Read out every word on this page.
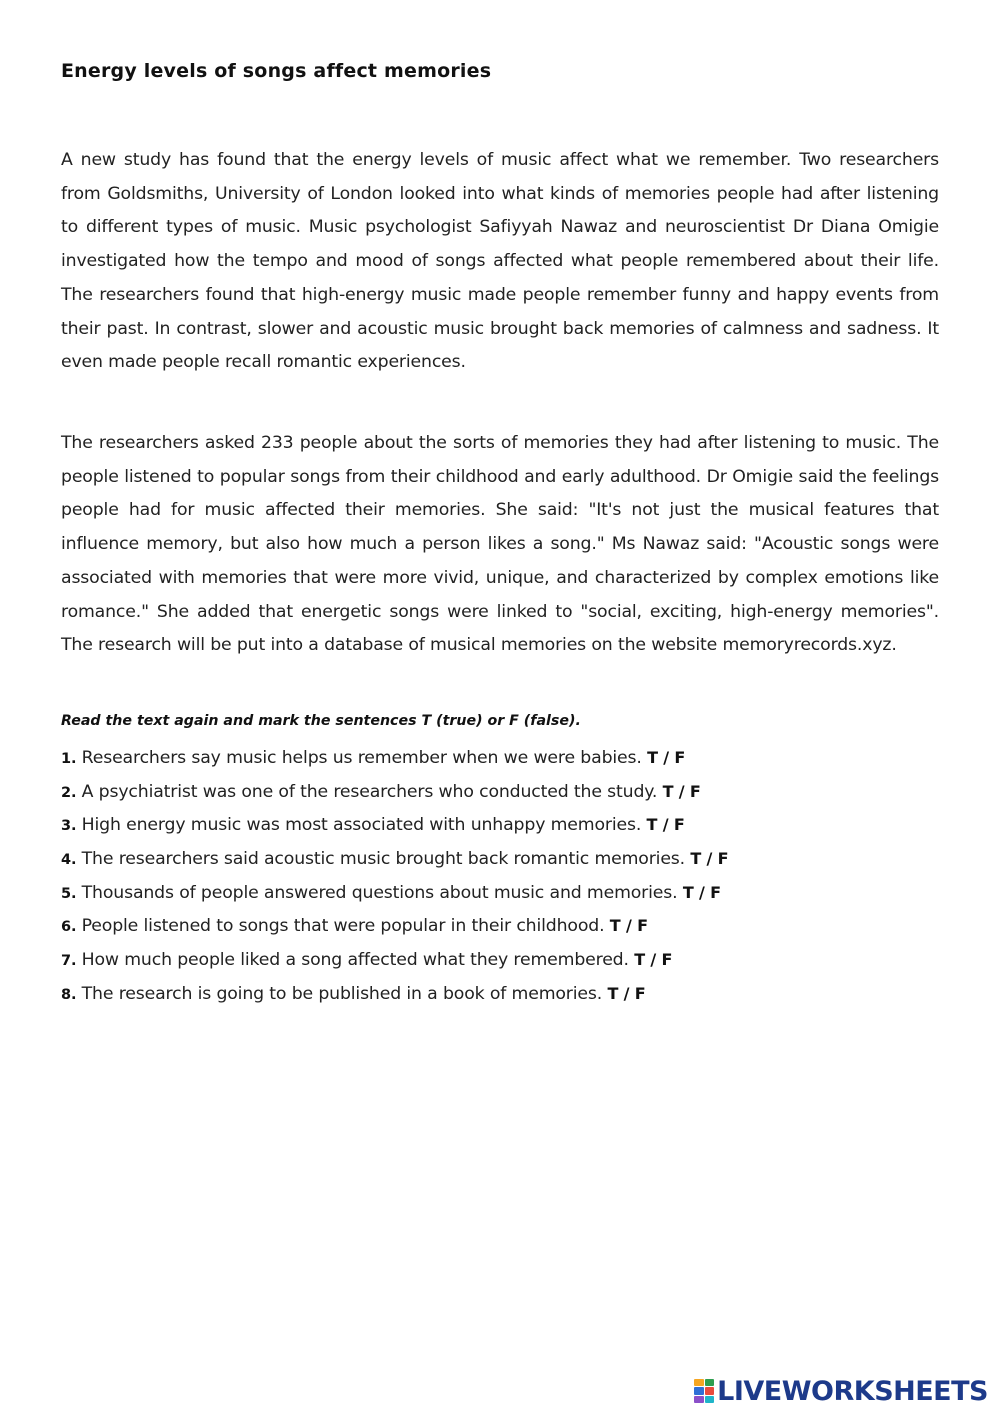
Energy levels of songs affect memories

A new study has found that the energy levels of music affect what we remember. Two researchers from Goldsmiths, University of London looked into what kinds of memories people had after listening to different types of music. Music psychologist Safiyyah Nawaz and neuroscientist Dr Diana Omigie investigated how the tempo and mood of songs affected what people remembered about their life. The researchers found that high-energy music made people remember funny and happy events from their past. In contrast, slower and acoustic music brought back memories of calmness and sadness. It even made people recall romantic experiences.

The researchers asked 233 people about the sorts of memories they had after listening to music. The people listened to popular songs from their childhood and early adulthood. Dr Omigie said the feelings people had for music affected their memories. She said: "It's not just the musical features that influence memory, but also how much a person likes a song." Ms Nawaz said: "Acoustic songs were associated with memories that were more vivid, unique, and characterized by complex emotions like romance." She added that energetic songs were linked to "social, exciting, high-energy memories". The research will be put into a database of musical memories on the website memoryrecords.xyz.

Read the text again and mark the sentences T (true) or F (false).

1. Researchers say music helps us remember when we were babies. T / F
2. A psychiatrist was one of the researchers who conducted the study. T / F
3. High energy music was most associated with unhappy memories. T / F
4. The researchers said acoustic music brought back romantic memories. T / F
5. Thousands of people answered questions about music and memories. T / F
6. People listened to songs that were popular in their childhood. T / F
7. How much people liked a song affected what they remembered. T / F
8. The research is going to be published in a book of memories. T / F
LIVEWORKSHEETS
